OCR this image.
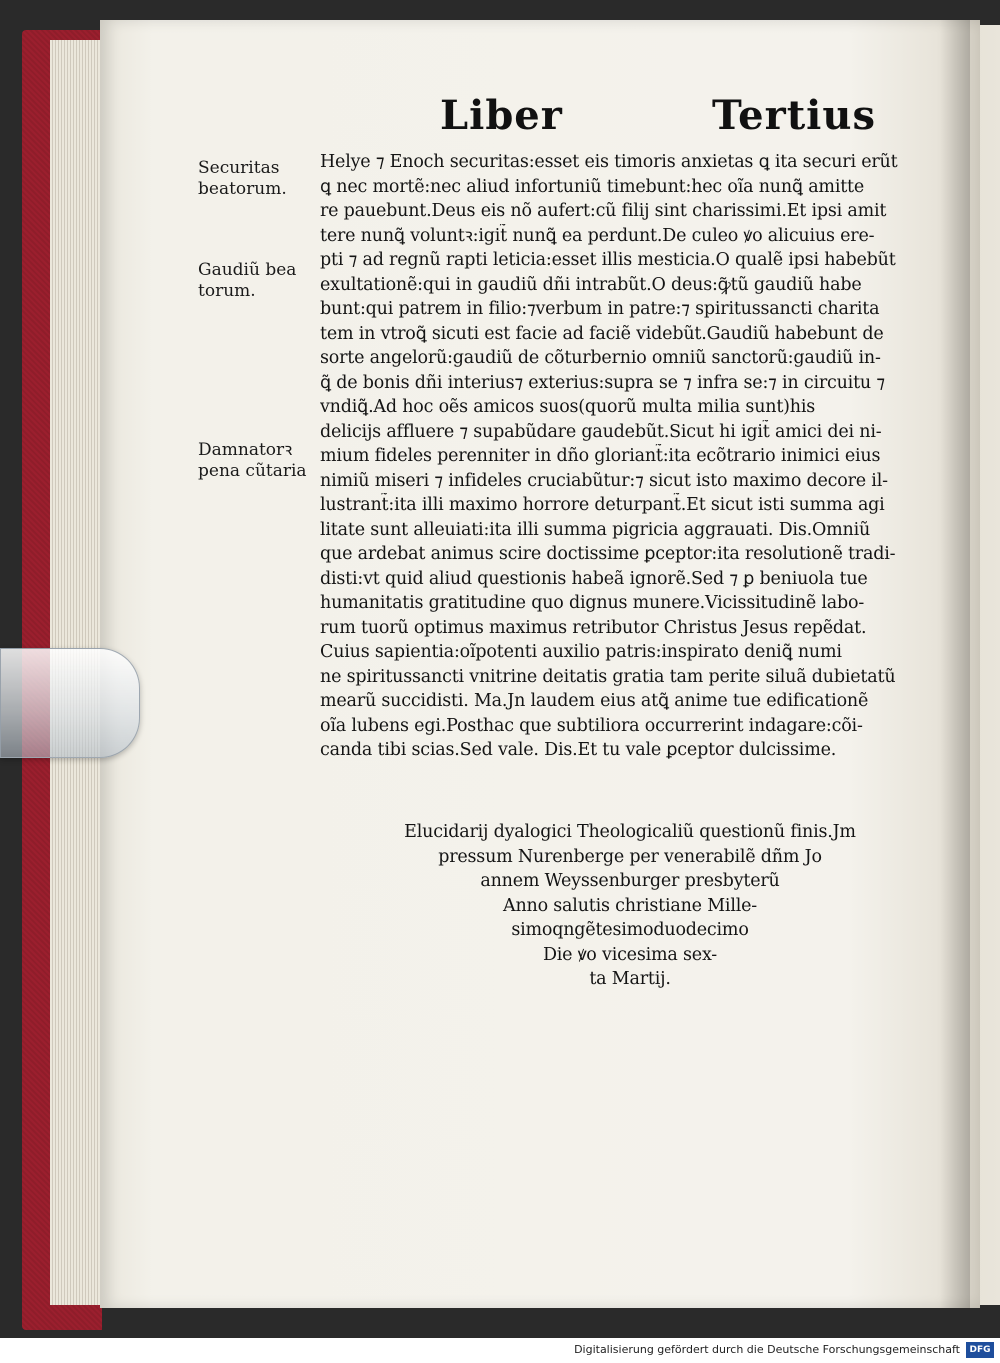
Liber	Tertius
Securitas
beatorum.
Gaudiũ bea
torum.
Damnatorꝛ
pena cũtaria
Helye ⁊ Enoch securitas:esset eis timoris anxietas ꝗ ita securi erũt
ꝗ nec mortẽ:nec aliud infortuniũ timebunt:hec oĩa nunꝗ̃ amitte
re pauebunt.Deus eis nõ aufert:cũ filij sint charissimi.Et ipsi amit
tere nunꝗ̃ voluntꝛ:igit̃ nunꝗ̃ ea perdunt.De culeo ꝟo alicuius ere-
pti ⁊ ad regnũ rapti leticia:esset illis mesticia.O qualẽ ipsi habebũt
exultationẽ:qui in gaudiũ dñi intrabũt.O deus:ꝙ̃tũ gaudiũ habe
bunt:qui patrem in filio:⁊verbum in patre:⁊ spiritussancti charita
tem in vtroꝗ̃ sicuti est facie ad faciẽ videbũt.Gaudiũ habebunt de
sorte angelorũ:gaudiũ de cõturbernio omniũ sanctorũ:gaudiũ in-
ꝗ̃ de bonis dñi interius⁊ exterius:supra se ⁊ infra se:⁊ in circuitu ⁊
vndiꝗ̃.Ad hoc oẽs amicos suos(quorũ multa milia sunt)his
delicijs affluere ⁊ supabũdare gaudebũt.Sicut hi igit̃ amici dei ni-
mium fideles perenniter in dño gloriant̃:ita ecõtrario inimici eius
nimiũ miseri ⁊ infideles cruciabũtur:⁊ sicut isto maximo decore il-
lustrant̃:ita illi maximo horrore deturpant̃.Et sicut isti summa agi
litate sunt alleuiati:ita illi summa pigricia aggrauati. Dis.Omniũ
que ardebat animus scire doctissime ꝑceptor:ita resolutionẽ tradi-
disti:vt quid aliud questionis habeã ignorẽ.Sed ⁊ ꝑ beniuola tue
humanitatis gratitudine quo dignus munere.Vicissitudinẽ labo-
rum tuorũ optimus maximus retributor Christus Jesus repẽdat.
Cuius sapientia:oĩpotenti auxilio patris:inspirato deniꝗ̃ numi
ne spiritussancti vnitrine deitatis gratia tam perite siluã dubietatũ
mearũ succidisti. Ma.Jn laudem eius atꝗ̃ anime tue edificationẽ
oĩa lubens egi.Posthac que subtiliora occurrerint indagare:cõi-
canda tibi scias.Sed vale. Dis.Et tu vale ꝑceptor dulcissime.
Elucidarij dyalogici Theologicaliũ questionũ finis.Jm
pressum Nurenberge per venerabilẽ dñm Jo
annem Weyssenburger presbyterũ
Anno salutis christiane Mille-
simoqngẽtesimoduodecimo
Die ꝟo vicesima sex-
ta Martij.
Digitalisierung gefördert durch die Deutsche Forschungsgemeinschaft	DFG
